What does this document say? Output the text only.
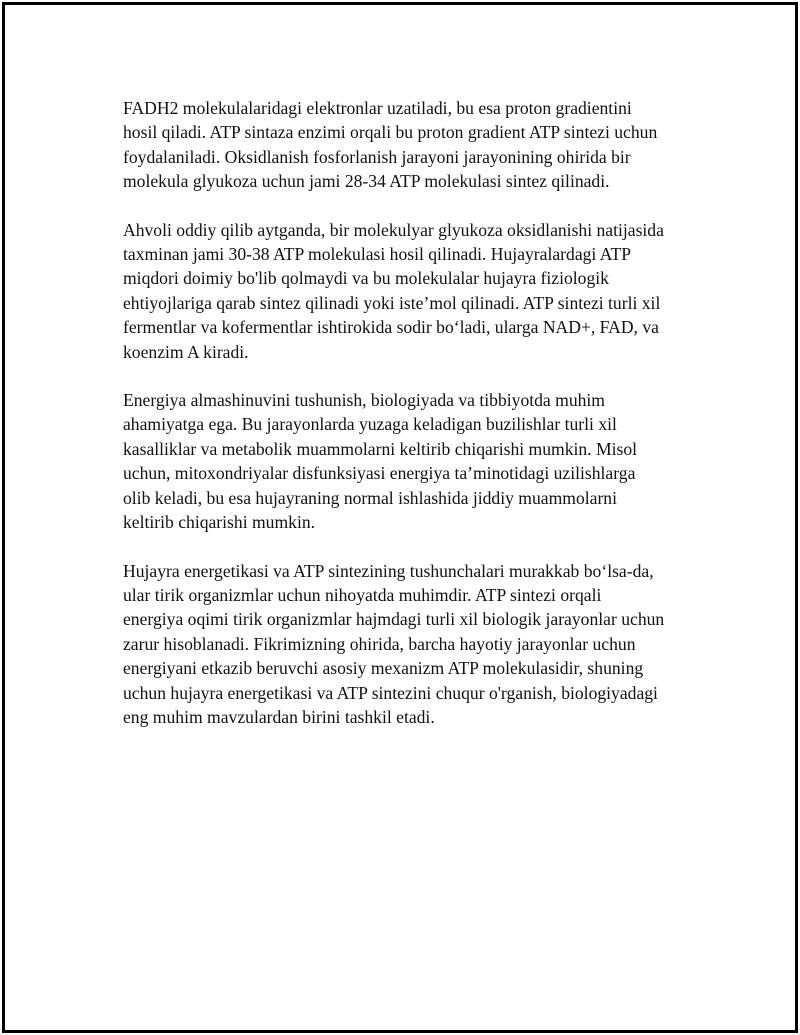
FADH2 molekulalaridagi elektronlar uzatiladi, bu esa proton gradientini
hosil qiladi. ATP sintaza enzimi orqali bu proton gradient ATP sintezi uchun
foydalaniladi. Oksidlanish fosforlanish jarayoni jarayonining ohirida bir
molekula glyukoza uchun jami 28-34 ATP molekulasi sintez qilinadi.

Ahvoli oddiy qilib aytganda, bir molekulyar glyukoza oksidlanishi natijasida
taxminan jami 30-38 ATP molekulasi hosil qilinadi. Hujayralardagi ATP
miqdori doimiy bo'lib qolmaydi va bu molekulalar hujayra fiziologik
ehtiyojlariga qarab sintez qilinadi yoki iste’mol qilinadi. ATP sintezi turli xil
fermentlar va kofermentlar ishtirokida sodir bo‘ladi, ularga NAD+, FAD, va
koenzim A kiradi.

Energiya almashinuvini tushunish, biologiyada va tibbiyotda muhim
ahamiyatga ega. Bu jarayonlarda yuzaga keladigan buzilishlar turli xil
kasalliklar va metabolik muammolarni keltirib chiqarishi mumkin. Misol
uchun, mitoxondriyalar disfunksiyasi energiya ta’minotidagi uzilishlarga
olib keladi, bu esa hujayraning normal ishlashida jiddiy muammolarni
keltirib chiqarishi mumkin.

Hujayra energetikasi va ATP sintezining tushunchalari murakkab bo‘lsa-da,
ular tirik organizmlar uchun nihoyatda muhimdir. ATP sintezi orqali
energiya oqimi tirik organizmlar hajmdagi turli xil biologik jarayonlar uchun
zarur hisoblanadi. Fikrimizning ohirida, barcha hayotiy jarayonlar uchun
energiyani etkazib beruvchi asosiy mexanizm ATP molekulasidir, shuning
uchun hujayra energetikasi va ATP sintezini chuqur o'rganish, biologiyadagi
eng muhim mavzulardan birini tashkil etadi.
